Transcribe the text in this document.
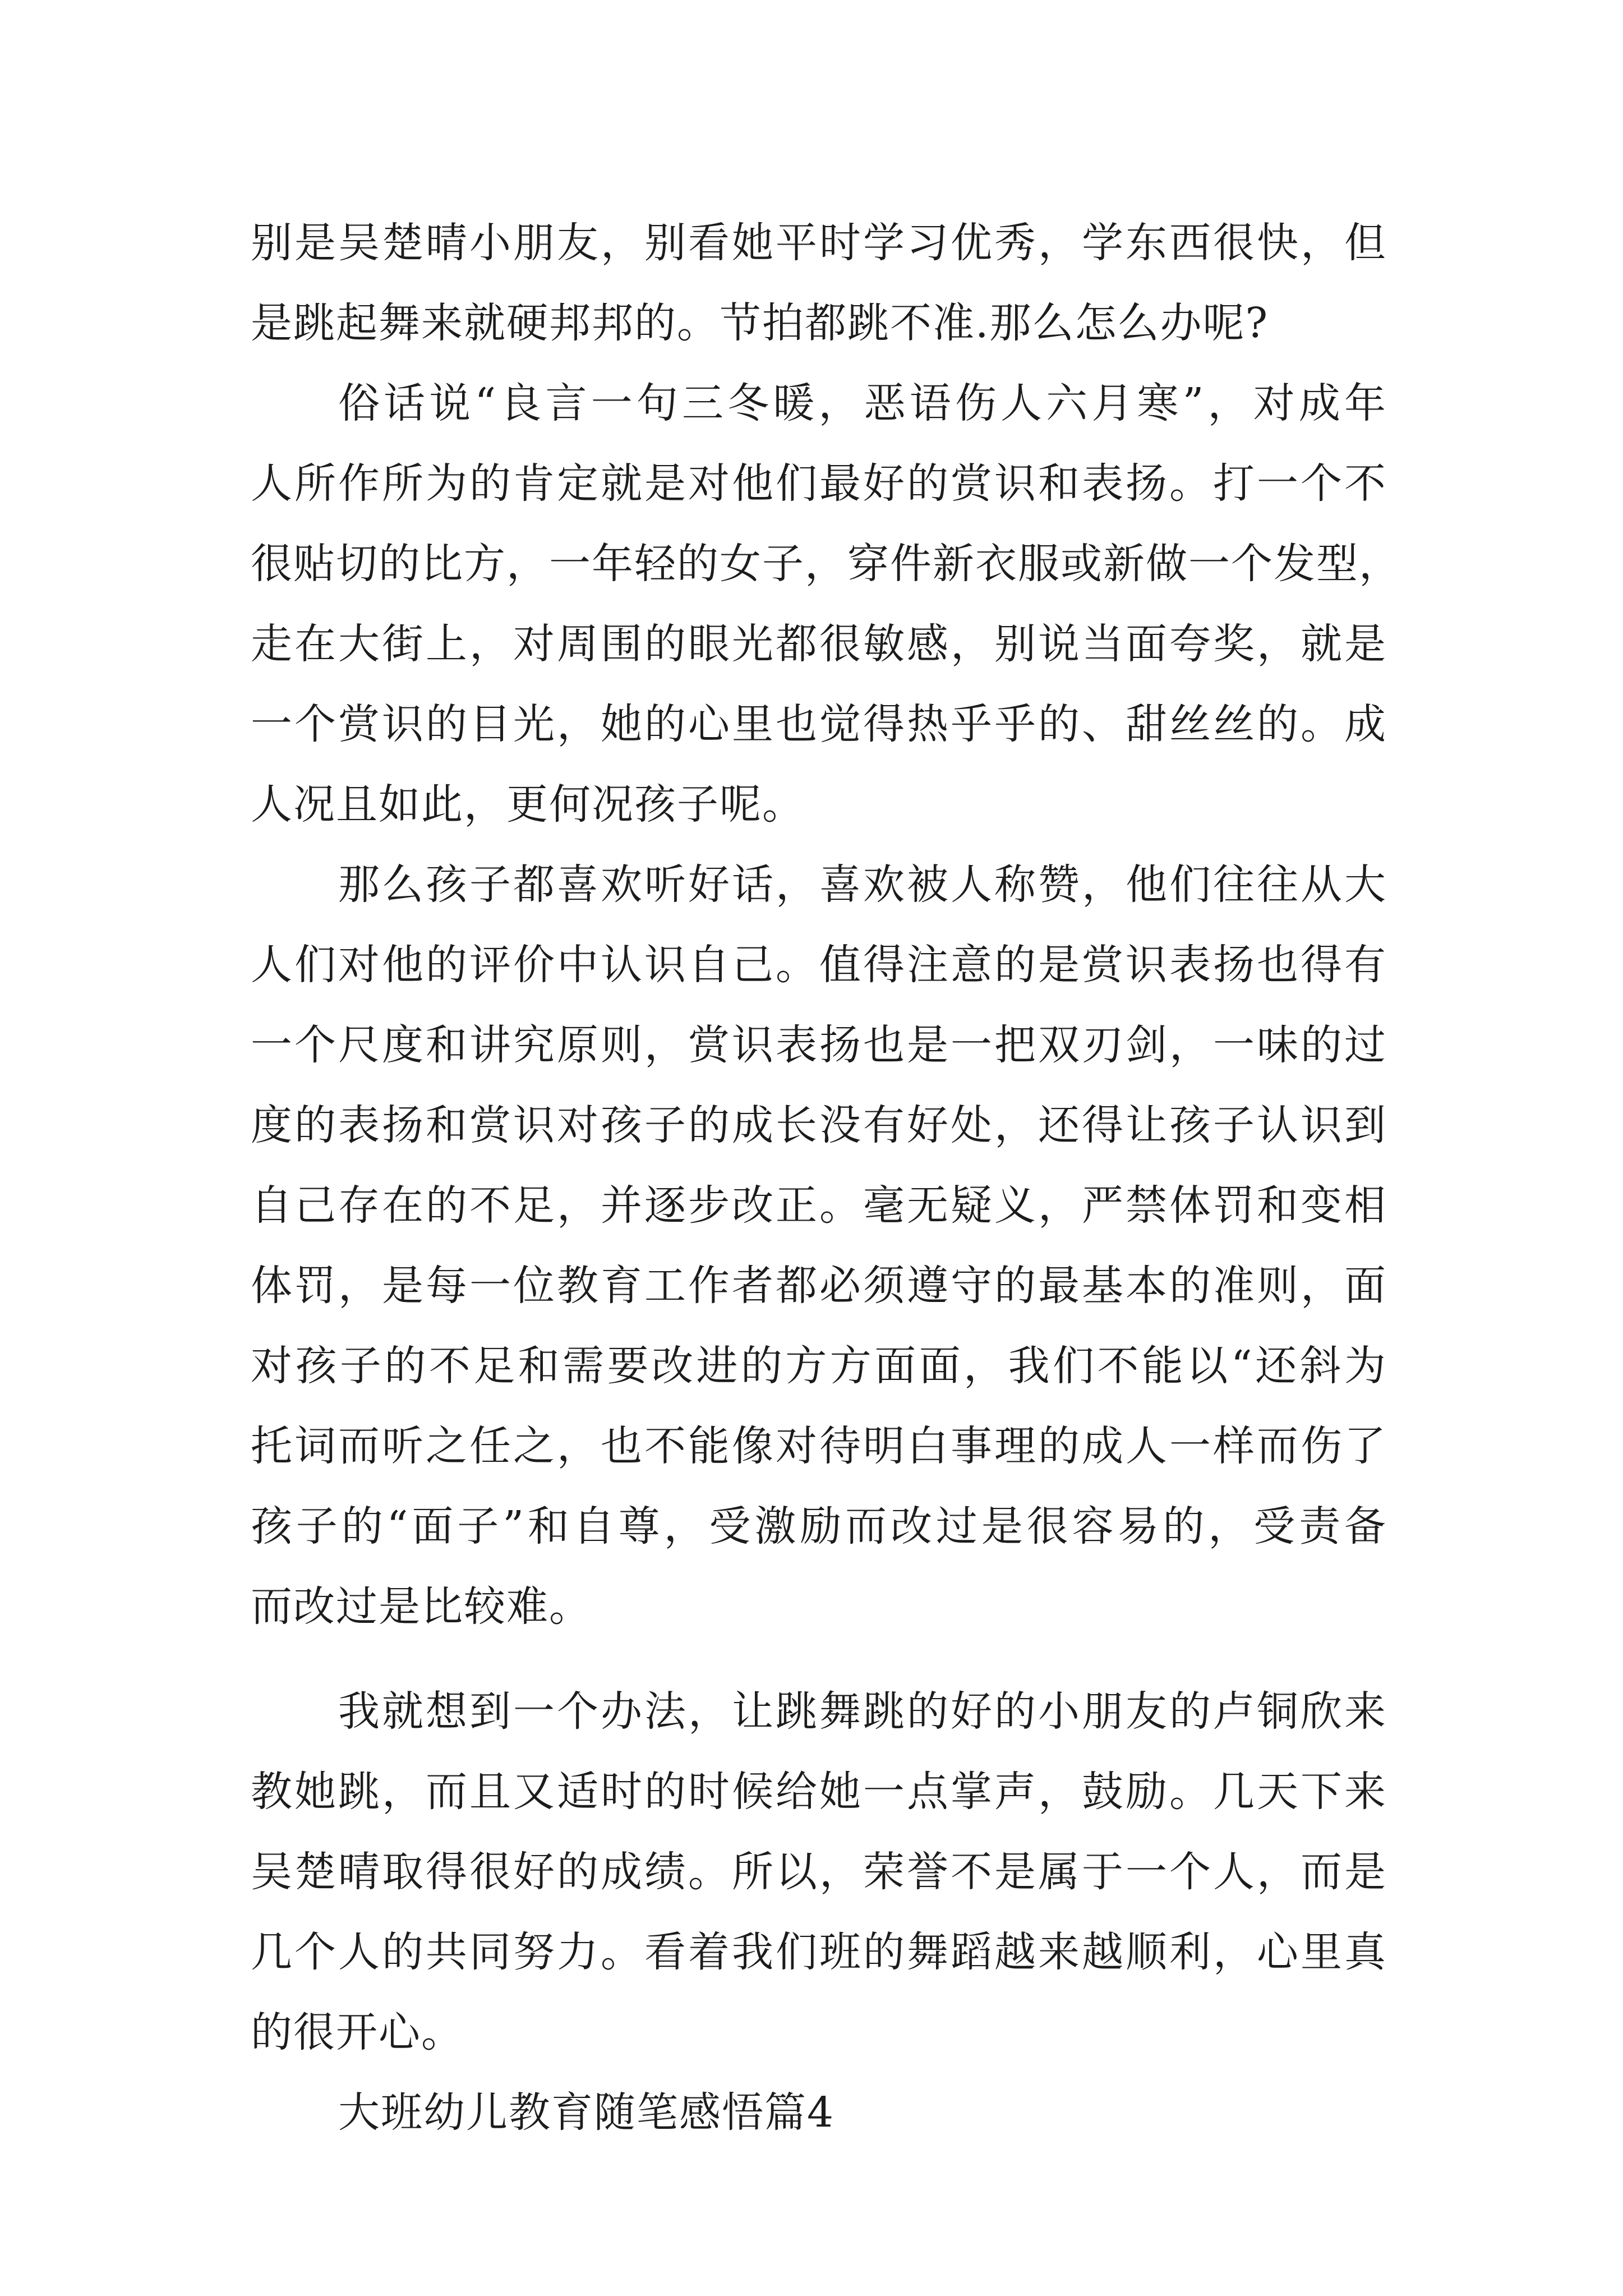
别是吴楚晴小朋友，别看她平时学习优秀，学东西很快，但
是跳起舞来就硬邦邦的。节拍都跳不准.那么怎么办呢?
俗话说“良言一句三冬暖，恶语伤人六月寒”，对成年
人所作所为的肯定就是对他们最好的赏识和表扬。打一个不
很贴切的比方，一年轻的女子，穿件新衣服或新做一个发型，
走在大街上，对周围的眼光都很敏感，别说当面夸奖，就是
一个赏识的目光，她的心里也觉得热乎乎的、甜丝丝的。成
人况且如此，更何况孩子呢。
那么孩子都喜欢听好话，喜欢被人称赞，他们往往从大
人们对他的评价中认识自己。值得注意的是赏识表扬也得有
一个尺度和讲究原则，赏识表扬也是一把双刃剑，一味的过
度的表扬和赏识对孩子的成长没有好处，还得让孩子认识到
自己存在的不足，并逐步改正。毫无疑义，严禁体罚和变相
体罚，是每一位教育工作者都必须遵守的最基本的准则，面
对孩子的不足和需要改进的方方面面，我们不能以“还斜为
托词而听之任之，也不能像对待明白事理的成人一样而伤了
孩子的“面子”和自尊，受激励而改过是很容易的，受责备
而改过是比较难。
我就想到一个办法，让跳舞跳的好的小朋友的卢铜欣来
教她跳，而且又适时的时候给她一点掌声，鼓励。几天下来
吴楚晴取得很好的成绩。所以，荣誉不是属于一个人，而是
几个人的共同努力。看着我们班的舞蹈越来越顺利，心里真
的很开心。
大班幼儿教育随笔感悟篇4
